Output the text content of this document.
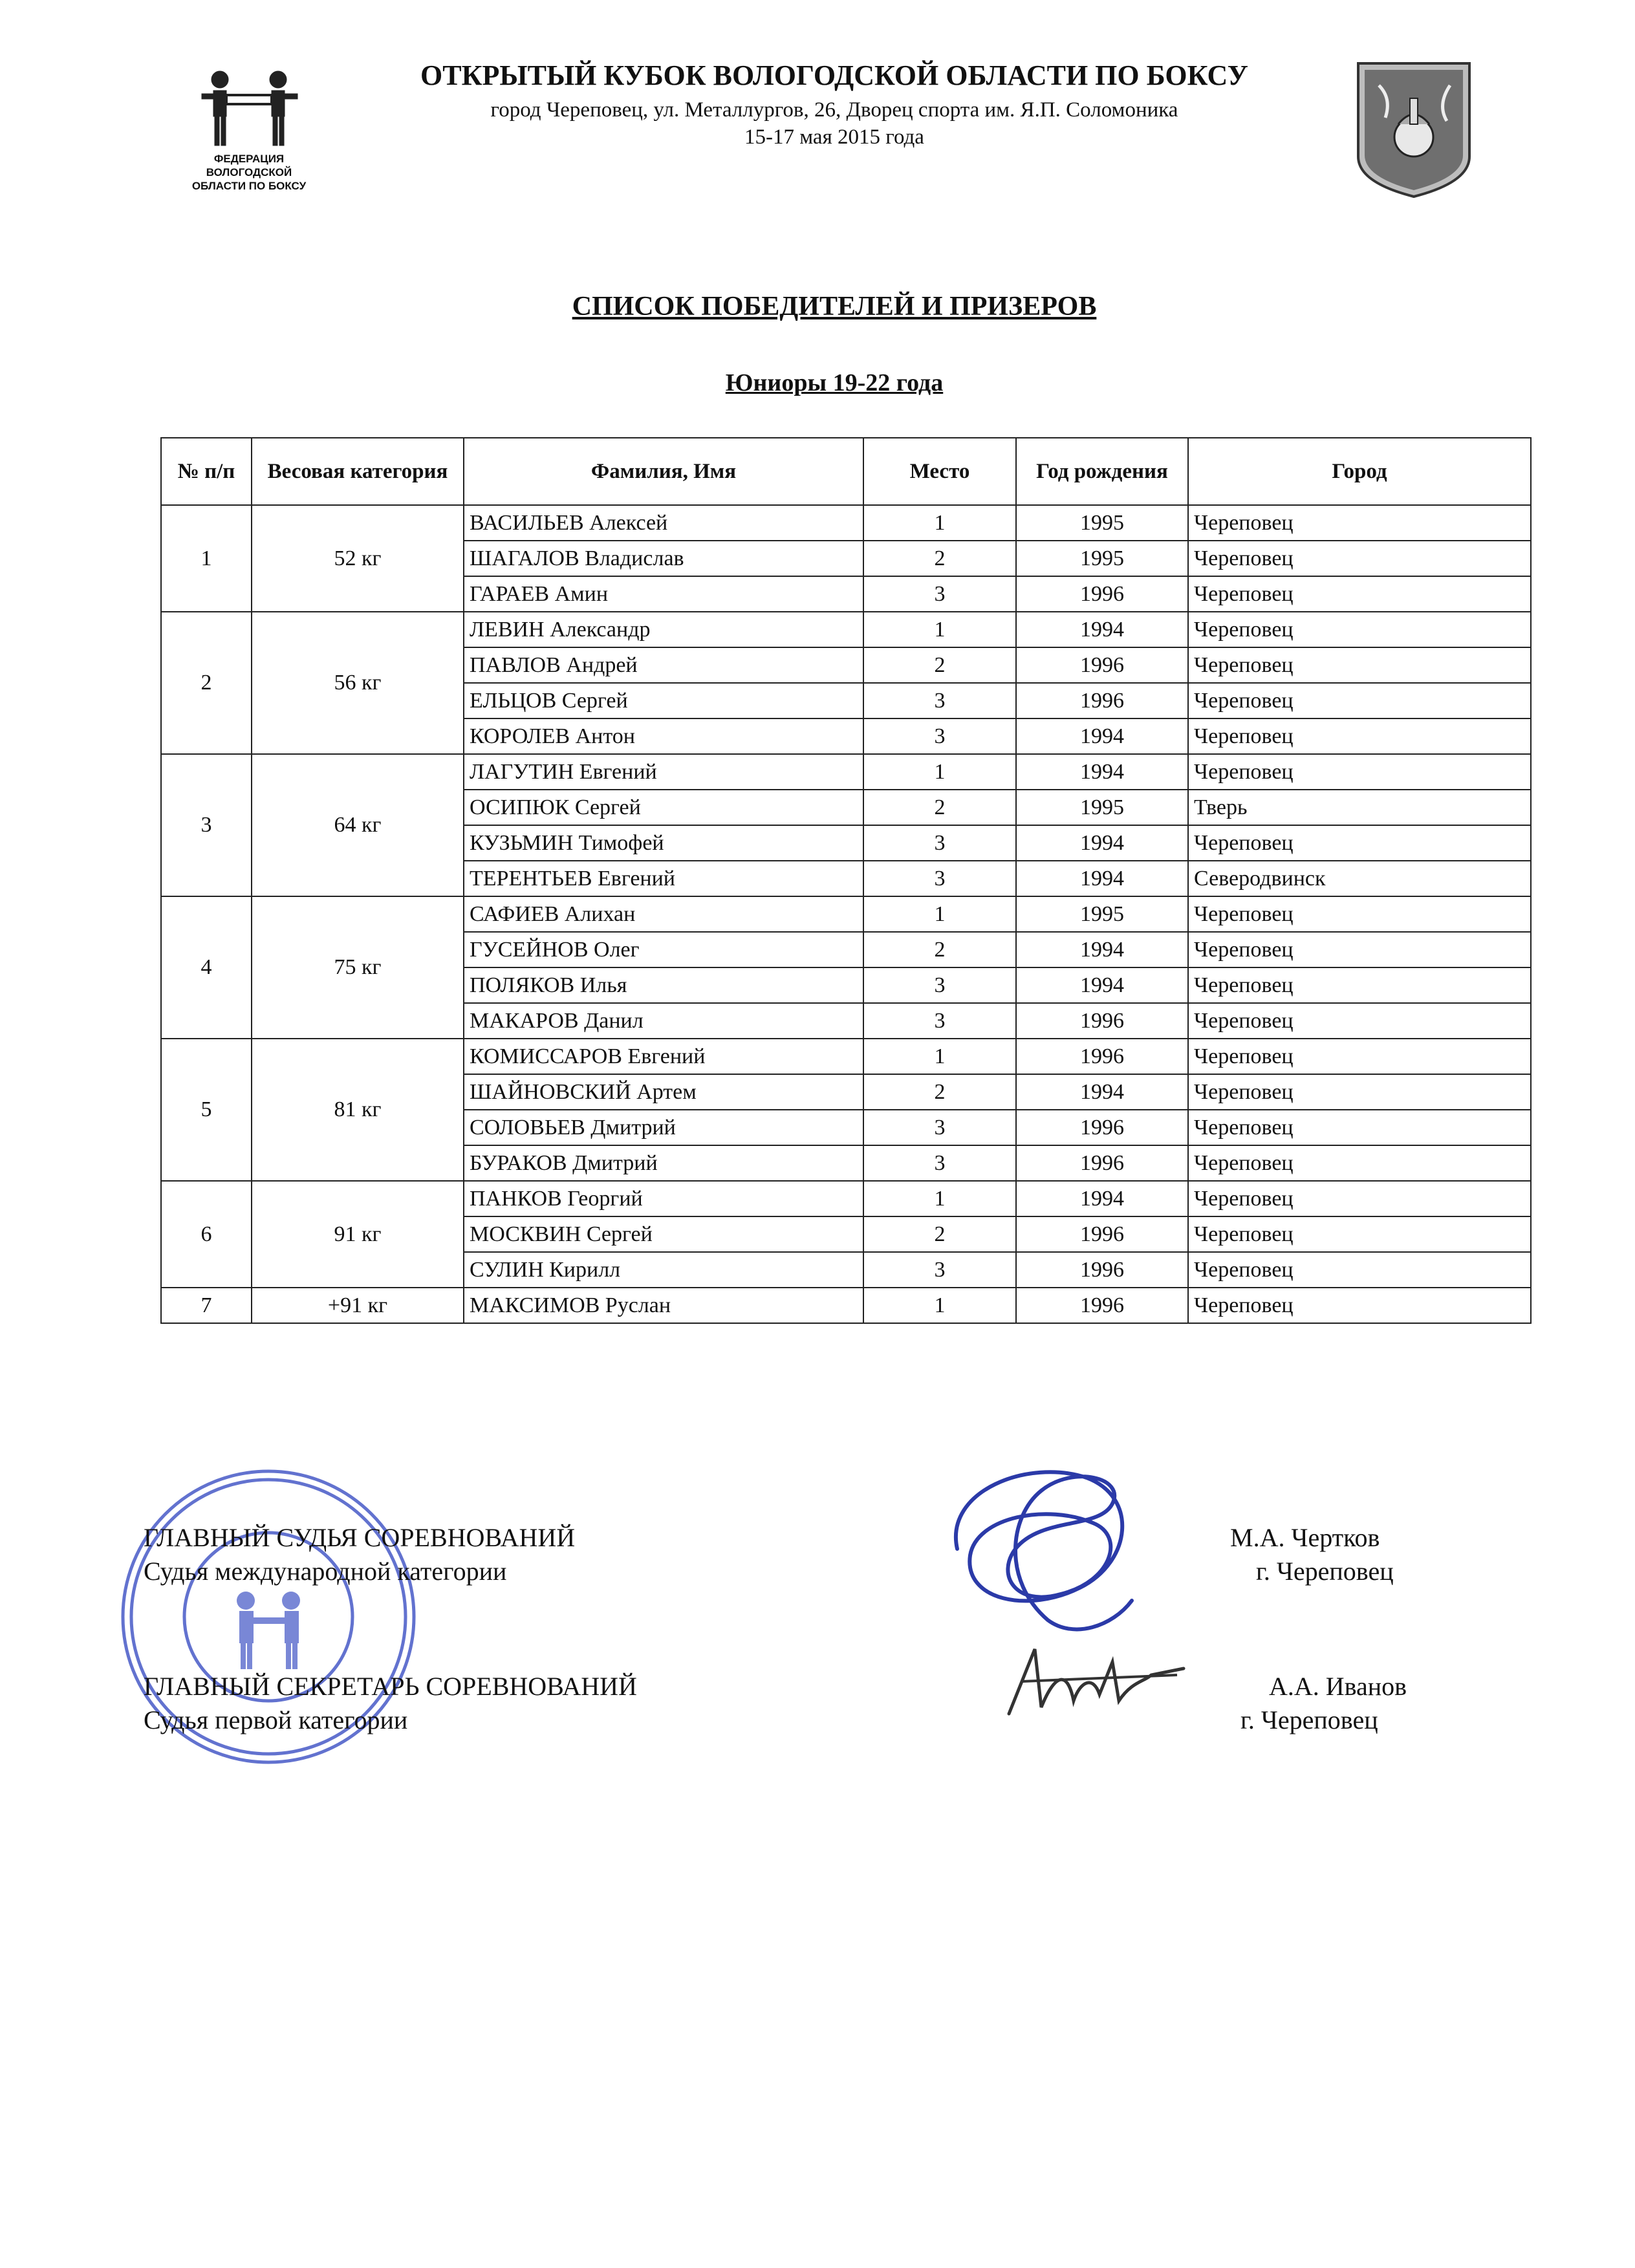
ФЕДЕРАЦИЯ
ВОЛОГОДСКОЙ
ОБЛАСТИ ПО БОКСУ
ОТКРЫТЫЙ КУБОК ВОЛОГОДСКОЙ ОБЛАСТИ ПО БОКСУ
город Череповец, ул. Металлургов, 26, Дворец спорта им. Я.П. Соломоника
15-17 мая 2015 года
СПИСОК ПОБЕДИТЕЛЕЙ И ПРИЗЕРОВ
Юниоры 19-22 года
№ п/п	Весовая категория	Фамилия, Имя	Место	Год рождения	Город
1	52 кг	ВАСИЛЬЕВ Алексей	1	1995	Череповец
		ШАГАЛОВ Владислав	2	1995	Череповец
		ГАРАЕВ Амин	3	1996	Череповец
2	56 кг	ЛЕВИН Александр	1	1994	Череповец
		ПАВЛОВ Андрей	2	1996	Череповец
		ЕЛЬЦОВ Сергей	3	1996	Череповец
		КОРОЛЕВ Антон	3	1994	Череповец
3	64 кг	ЛАГУТИН Евгений	1	1994	Череповец
		ОСИПЮК Сергей	2	1995	Тверь
		КУЗЬМИН Тимофей	3	1994	Череповец
		ТЕРЕНТЬЕВ Евгений	3	1994	Северодвинск
4	75 кг	САФИЕВ Алихан	1	1995	Череповец
		ГУСЕЙНОВ Олег	2	1994	Череповец
		ПОЛЯКОВ Илья	3	1994	Череповец
		МАКАРОВ Данил	3	1996	Череповец
5	81 кг	КОМИССАРОВ Евгений	1	1996	Череповец
		ШАЙНОВСКИЙ Артем	2	1994	Череповец
		СОЛОВЬЕВ Дмитрий	3	1996	Череповец
		БУРАКОВ Дмитрий	3	1996	Череповец
6	91 кг	ПАНКОВ Георгий	1	1994	Череповец
		МОСКВИН Сергей	2	1996	Череповец
		СУЛИН Кирилл	3	1996	Череповец
7	+91 кг	МАКСИМОВ Руслан	1	1996	Череповец
ГЛАВНЫЙ СУДЬЯ СОРЕВНОВАНИЙ
Судья международной категории
М.А. Чертков
г. Череповец
ГЛАВНЫЙ СЕКРЕТАРЬ СОРЕВНОВАНИЙ
Судья первой категории
А.А. Иванов
г. Череповец
